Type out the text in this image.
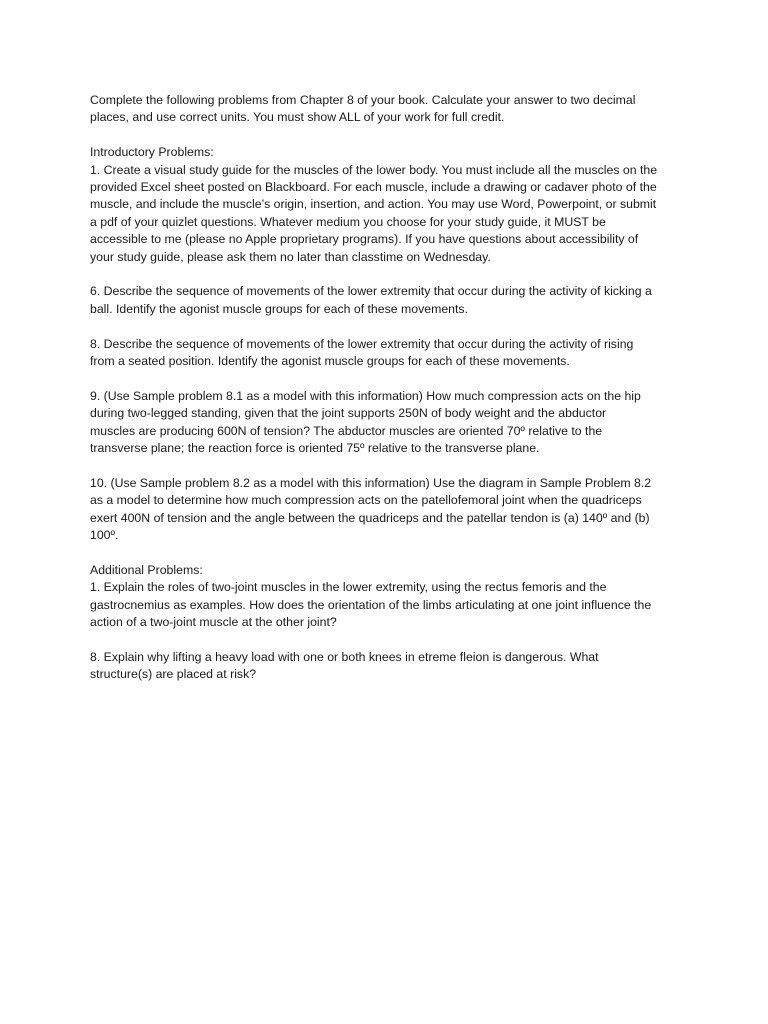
Complete the following problems from Chapter 8 of your book. Calculate your answer to two decimal
places, and use correct units. You must show ALL of your work for full credit.

Introductory Problems:
1. Create a visual study guide for the muscles of the lower body. You must include all the muscles on the
provided Excel sheet posted on Blackboard. For each muscle, include a drawing or cadaver photo of the
muscle, and include the muscle’s origin, insertion, and action. You may use Word, Powerpoint, or submit
a pdf of your quizlet questions. Whatever medium you choose for your study guide, it MUST be
accessible to me (please no Apple proprietary programs). If you have questions about accessibility of
your study guide, please ask them no later than classtime on Wednesday.

6. Describe the sequence of movements of the lower extremity that occur during the activity of kicking a
ball. Identify the agonist muscle groups for each of these movements.

8. Describe the sequence of movements of the lower extremity that occur during the activity of rising
from a seated position. Identify the agonist muscle groups for each of these movements.

9. (Use Sample problem 8.1 as a model with this information) How much compression acts on the hip
during two-legged standing, given that the joint supports 250N of body weight and the abductor
muscles are producing 600N of tension? The abductor muscles are oriented 70º relative to the
transverse plane; the reaction force is oriented 75º relative to the transverse plane.

10. (Use Sample problem 8.2 as a model with this information) Use the diagram in Sample Problem 8.2
as a model to determine how much compression acts on the patellofemoral joint when the quadriceps
exert 400N of tension and the angle between the quadriceps and the patellar tendon is (a) 140º and (b)
100º.

Additional Problems:
1. Explain the roles of two-joint muscles in the lower extremity, using the rectus femoris and the
gastrocnemius as examples. How does the orientation of the limbs articulating at one joint influence the
action of a two-joint muscle at the other joint?

8. Explain why lifting a heavy load with one or both knees in etreme fleion is dangerous. What
structure(s) are placed at risk?
